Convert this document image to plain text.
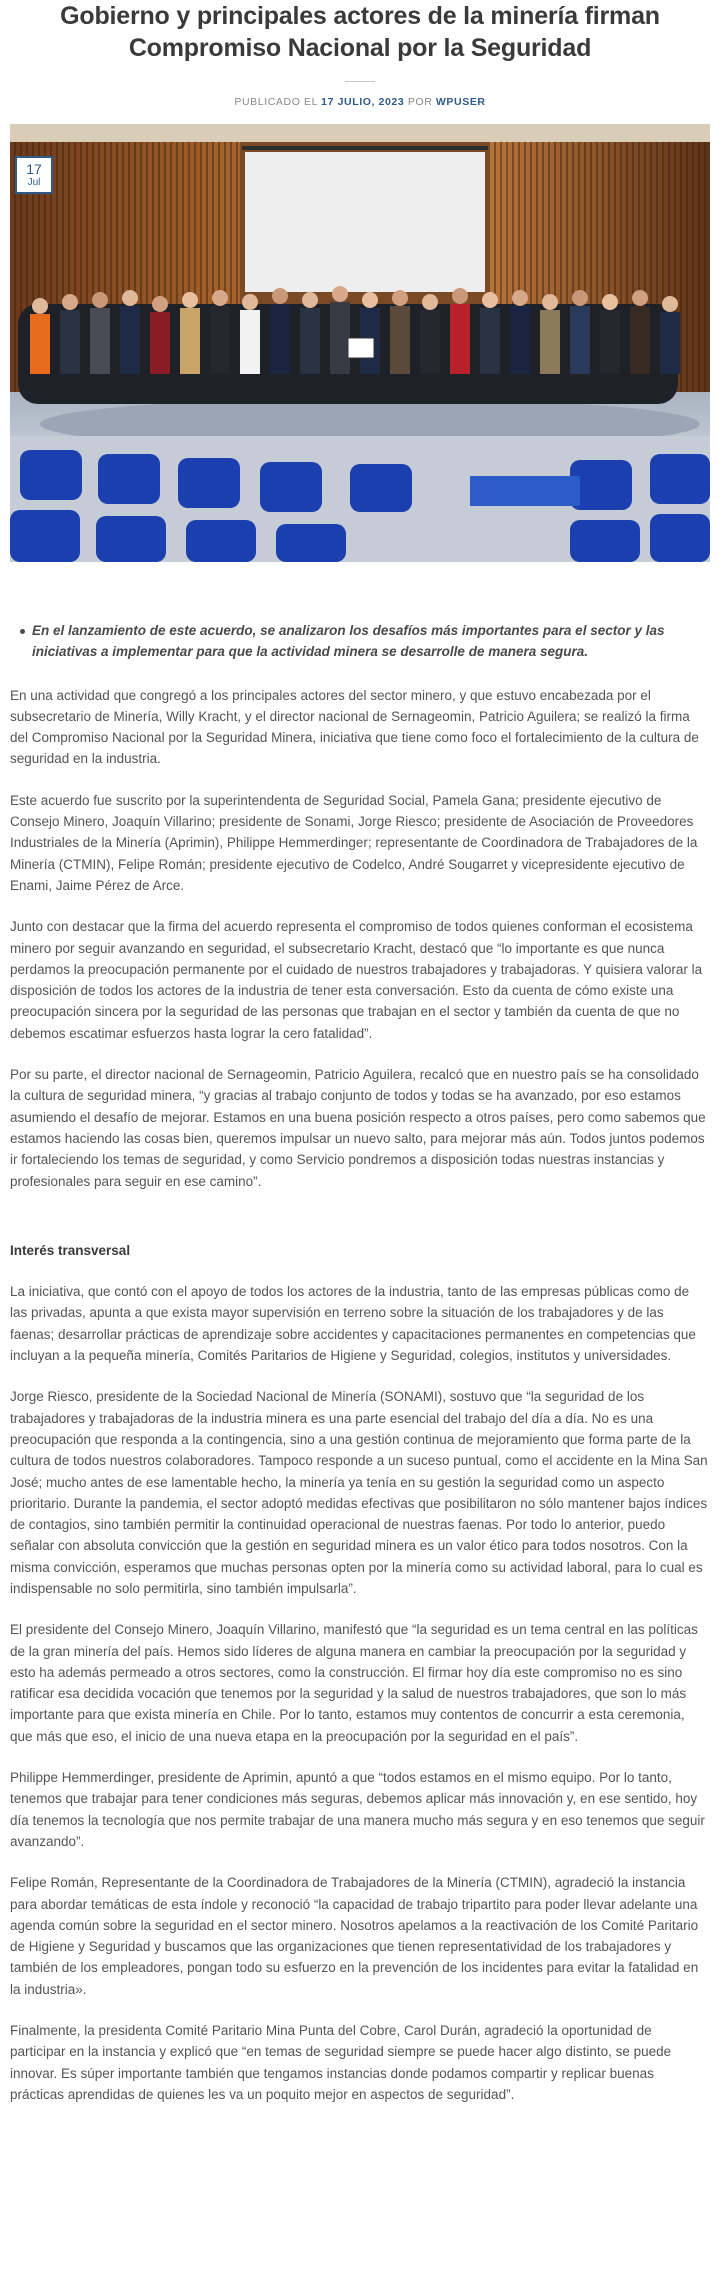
Gobierno y principales actores de la minería firman Compromiso Nacional por la Seguridad
PUBLICADO EL 17 JULIO, 2023 POR WPUSER
17
Jul
En el lanzamiento de este acuerdo, se analizaron los desafíos más importantes para el sector y las iniciativas a implementar para que la actividad minera se desarrolle de manera segura.

En una actividad que congregó a los principales actores del sector minero, y que estuvo encabezada por el subsecretario de Minería, Willy Kracht, y el director nacional de Sernageomin, Patricio Aguilera; se realizó la firma del Compromiso Nacional por la Seguridad Minera, iniciativa que tiene como foco el fortalecimiento de la cultura de seguridad en la industria.

Este acuerdo fue suscrito por la superintendenta de Seguridad Social, Pamela Gana; presidente ejecutivo de Consejo Minero, Joaquín Villarino; presidente de Sonami, Jorge Riesco; presidente de Asociación de Proveedores Industriales de la Minería (Aprimin), Philippe Hemmerdinger; representante de Coordinadora de Trabajadores de la Minería (CTMIN), Felipe Román; presidente ejecutivo de Codelco, André Sougarret y vicepresidente ejecutivo de Enami, Jaime Pérez de Arce.

Junto con destacar que la firma del acuerdo representa el compromiso de todos quienes conforman el ecosistema minero por seguir avanzando en seguridad, el subsecretario Kracht, destacó que “lo importante es que nunca perdamos la preocupación permanente por el cuidado de nuestros trabajadores y trabajadoras. Y quisiera valorar la disposición de todos los actores de la industria de tener esta conversación. Esto da cuenta de cómo existe una preocupación sincera por la seguridad de las personas que trabajan en el sector y también da cuenta de que no debemos escatimar esfuerzos hasta lograr la cero fatalidad”.

Por su parte, el director nacional de Sernageomin, Patricio Aguilera, recalcó que en nuestro país se ha consolidado la cultura de seguridad minera, “y gracias al trabajo conjunto de todos y todas se ha avanzado, por eso estamos asumiendo el desafío de mejorar. Estamos en una buena posición respecto a otros países, pero como sabemos que estamos haciendo las cosas bien, queremos impulsar un nuevo salto, para mejorar más aún. Todos juntos podemos ir fortaleciendo los temas de seguridad, y como Servicio pondremos a disposición todas nuestras instancias y profesionales para seguir en ese camino”.

Interés transversal

La iniciativa, que contó con el apoyo de todos los actores de la industria, tanto de las empresas públicas como de las privadas, apunta a que exista mayor supervisión en terreno sobre la situación de los trabajadores y de las faenas; desarrollar prácticas de aprendizaje sobre accidentes y capacitaciones permanentes en competencias que incluyan a la pequeña minería, Comités Paritarios de Higiene y Seguridad, colegios, institutos y universidades.

Jorge Riesco, presidente de la Sociedad Nacional de Minería (SONAMI), sostuvo que “la seguridad de los trabajadores y trabajadoras de la industria minera es una parte esencial del trabajo del día a día. No es una preocupación que responda a la contingencia, sino a una gestión continua de mejoramiento que forma parte de la cultura de todos nuestros colaboradores. Tampoco responde a un suceso puntual, como el accidente en la Mina San José; mucho antes de ese lamentable hecho, la minería ya tenía en su gestión la seguridad como un aspecto prioritario. Durante la pandemia, el sector adoptó medidas efectivas que posibilitaron no sólo mantener bajos índices de contagios, sino también permitir la continuidad operacional de nuestras faenas. Por todo lo anterior, puedo señalar con absoluta convicción que la gestión en seguridad minera es un valor ético para todos nosotros. Con la misma convicción, esperamos que muchas personas opten por la minería como su actividad laboral, para lo cual es indispensable no solo permitirla, sino también impulsarla”.

El presidente del Consejo Minero, Joaquín Villarino, manifestó que “la seguridad es un tema central en las políticas de la gran minería del país. Hemos sido líderes de alguna manera en cambiar la preocupación por la seguridad y esto ha además permeado a otros sectores, como la construcción. El firmar hoy día este compromiso no es sino ratificar esa decidida vocación que tenemos por la seguridad y la salud de nuestros trabajadores, que son lo más importante para que exista minería en Chile. Por lo tanto, estamos muy contentos de concurrir a esta ceremonia, que más que eso, el inicio de una nueva etapa en la preocupación por la seguridad en el país”.

Philippe Hemmerdinger, presidente de Aprimin, apuntó a que “todos estamos en el mismo equipo. Por lo tanto, tenemos que trabajar para tener condiciones más seguras, debemos aplicar más innovación y, en ese sentido, hoy día tenemos la tecnología que nos permite trabajar de una manera mucho más segura y en eso tenemos que seguir avanzando”.

Felipe Román, Representante de la Coordinadora de Trabajadores de la Minería (CTMIN), agradeció la instancia para abordar temáticas de esta índole y reconoció “la capacidad de trabajo tripartito para poder llevar adelante una agenda común sobre la seguridad en el sector minero. Nosotros apelamos a la reactivación de los Comité Paritario de Higiene y Seguridad y buscamos que las organizaciones que tienen representatividad de los trabajadores y también de los empleadores, pongan todo su esfuerzo en la prevención de los incidentes para evitar la fatalidad en la industria».

Finalmente, la presidenta Comité Paritario Mina Punta del Cobre, Carol Durán, agradeció la oportunidad de participar en la instancia y explicó que “en temas de seguridad siempre se puede hacer algo distinto, se puede innovar. Es súper importante también que tengamos instancias donde podamos compartir y replicar buenas prácticas aprendidas de quienes les va un poquito mejor en aspectos de seguridad”.
